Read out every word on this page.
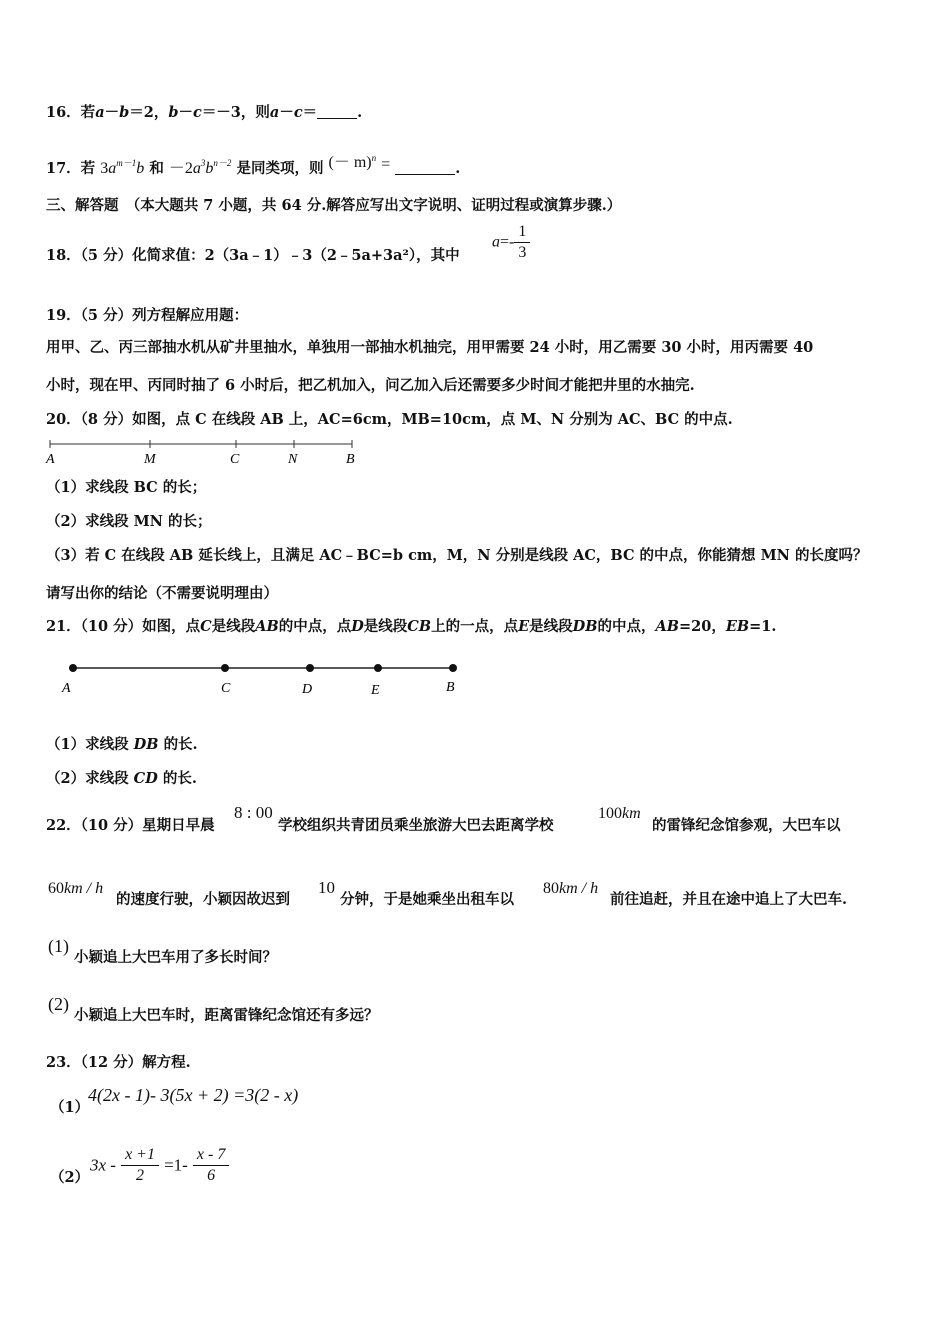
16．若a－b＝2，b－c＝－3，则a－c＝	.
17．若 $3a^{m-1}b$ 和 $-2a^3b^{n-2}$ 是同类项，则 (－ m)$^n$ =	.
三、解答题　（本大题共 7 小题，共 64 分.解答应写出文字说明、证明过程或演算步骤.）
18．（5 分）化简求值：2（3a﹣1）﹣3（2﹣5a+3a²），其中
$a=- \frac{1}{3}$
19．（5 分）列方程解应用题：
用甲、乙、丙三部抽水机从矿井里抽水，单独用一部抽水机抽完，用甲需要 24 小时，用乙需要 30 小时，用丙需要 40
小时，现在甲、丙同时抽了 6 小时后，把乙机加入，问乙加入后还需要多少时间才能把井里的水抽完.
20．（8 分）如图，点 C 在线段 AB 上，AC=6cm，MB=10cm，点 M、N 分别为 AC、BC 的中点.
A	M	C	N	B
（1）求线段 BC 的长；
（2）求线段 MN 的长；
（3）若 C 在线段 AB 延长线上，且满足 AC﹣BC=b cm，M，N 分别是线段 AC，BC 的中点，你能猜想 MN 的长度吗？
请写出你的结论（不需要说明理由）
21．（10 分）如图，点C是线段AB的中点，点D是线段CB上的一点，点E是线段DB的中点，AB=20，EB=1.
A	C	D	E	B
（1）求线段 DB 的长.
（2）求线段 CD 的长.
22．（10 分）星期日早晨
8 : 00
学校组织共青团员乘坐旅游大巴去距离学校
100km
的雷锋纪念馆参观，大巴车以
60km / h
的速度行驶，小颖因故迟到
10
分钟，于是她乘坐出租车以
80km / h
前往追赶，并且在途中追上了大巴车.
(1)
小颖追上大巴车用了多长时间？
(2)
小颖追上大巴车时，距离雷锋纪念馆还有多远？
23．（12 分）解方程.
（1）
4(2x - 1)- 3(5x + 2) =3(2 - x)
（2）
$3x - \frac{x +1}{2} =1- \frac{x - 7}{6}$
